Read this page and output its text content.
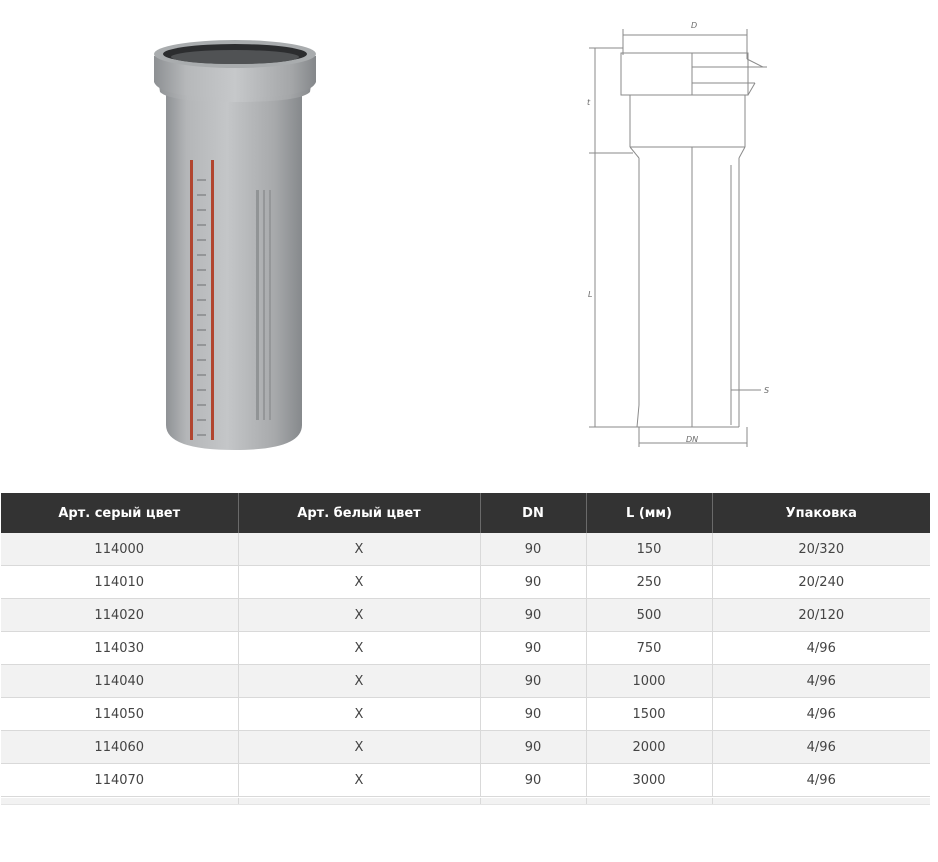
D
t
L
S
DN
Арт. серый цвет	Арт. белый цвет	DN	L (мм)	Упаковка
114000	X	90	150	20/320
114010	X	90	250	20/240
114020	X	90	500	20/120
114030	X	90	750	4/96
114040	X	90	1000	4/96
114050	X	90	1500	4/96
114060	X	90	2000	4/96
114070	X	90	3000	4/96
